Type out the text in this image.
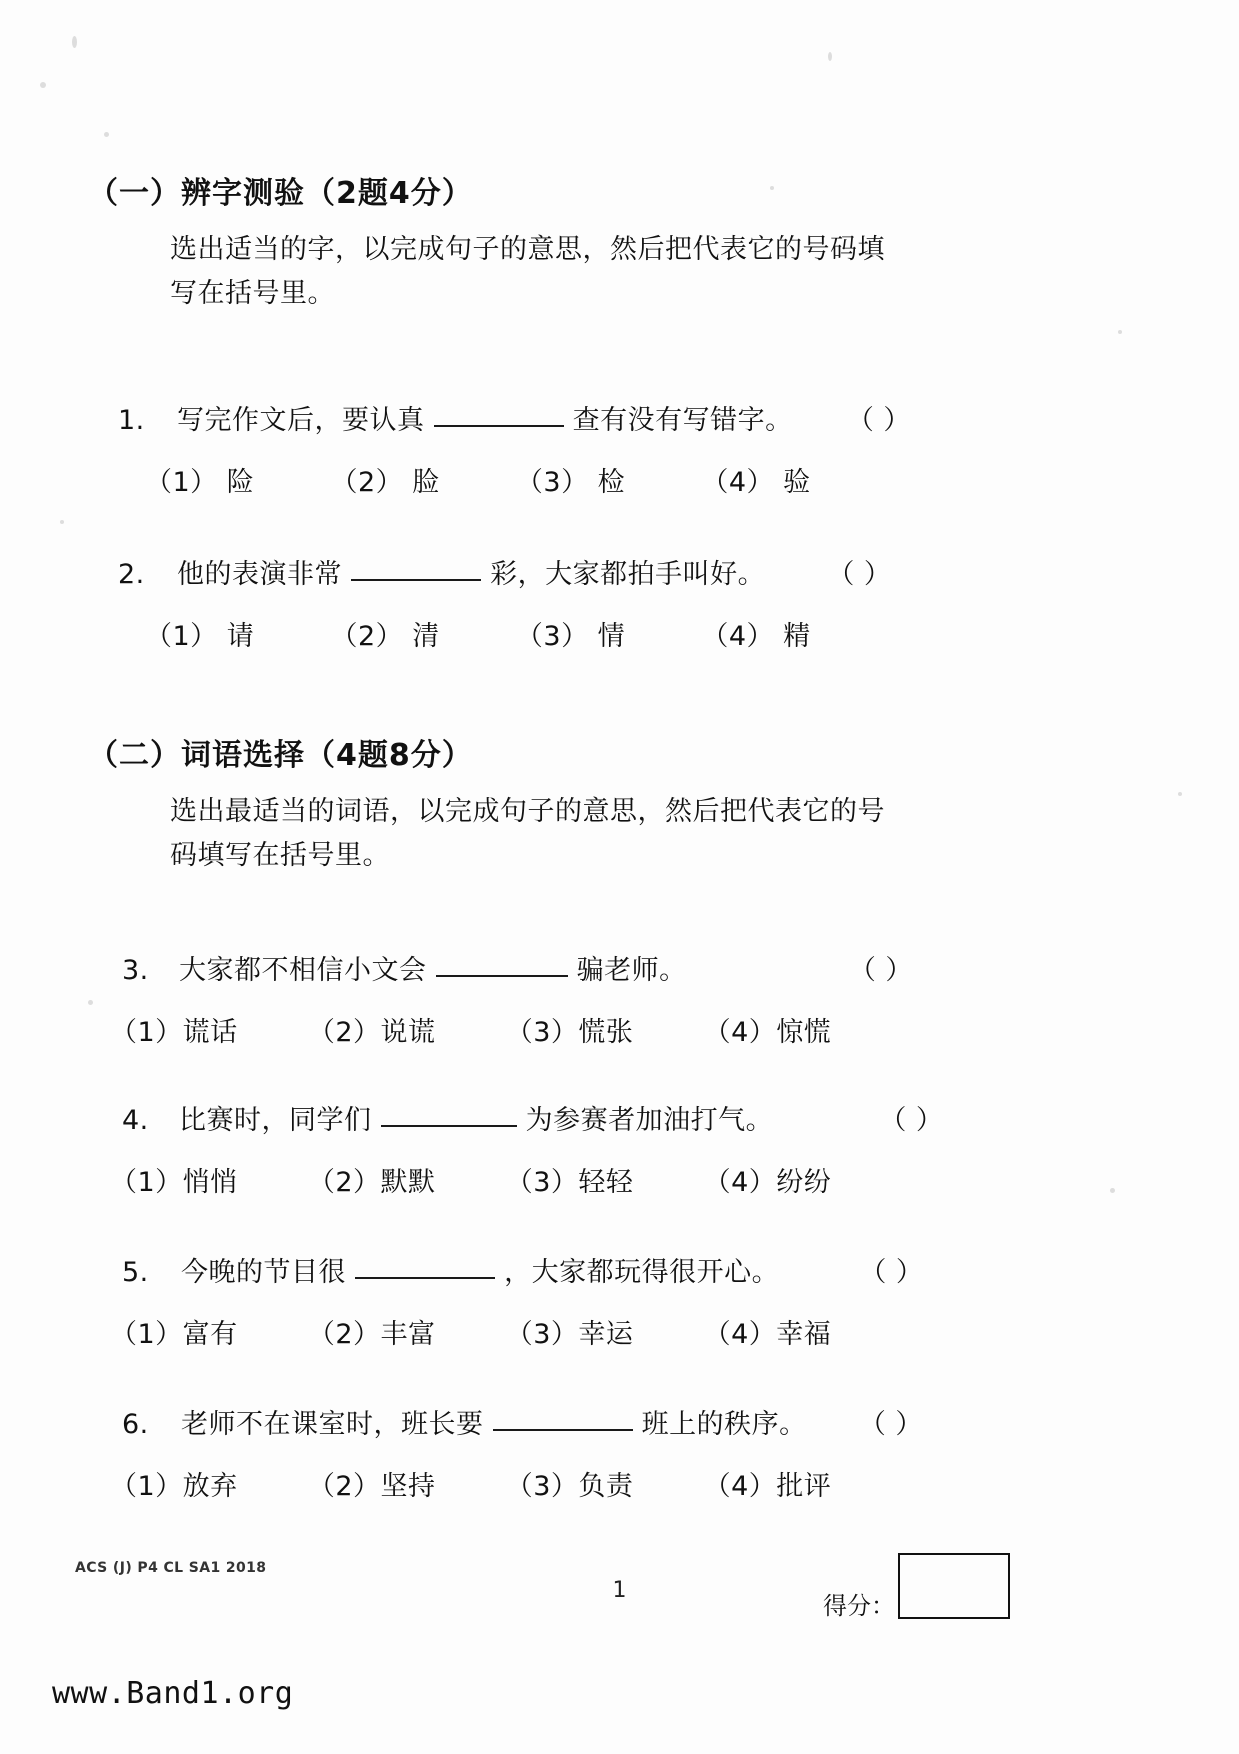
（一）辨字测验（2题4分）
选出适当的字，以完成句子的意思，然后把代表它的号码填
写在括号里。
1. 写完作文后，要认真	查有没有写错字。 （ ）
（1） 险	（2） 脸	（3） 检	（4） 验
2. 他的表演非常	彩，大家都拍手叫好。 （ ）
（1） 请	（2） 清	（3） 情	（4） 精
（二）词语选择（4题8分）
选出最适当的词语，以完成句子的意思，然后把代表它的号
码填写在括号里。
3. 大家都不相信小文会	骗老师。	（ ）
（1）谎话	（2）说谎	（3）慌张	（4）惊慌
4. 比赛时，同学们	为参赛者加油打气。	（ ）
（1）悄悄	（2）默默	（3）轻轻	（4）纷纷
5. 今晚的节目很	，大家都玩得很开心。	（ ）
（1）富有	（2）丰富	（3）幸运	（4）幸福
6. 老师不在课室时，班长要	班上的秩序。 （ ）
（1）放弃	（2）坚持	（3）负责	（4）批评
ACS (J) P4 CL SA1 2018
1
得分：
www.Band1.org
